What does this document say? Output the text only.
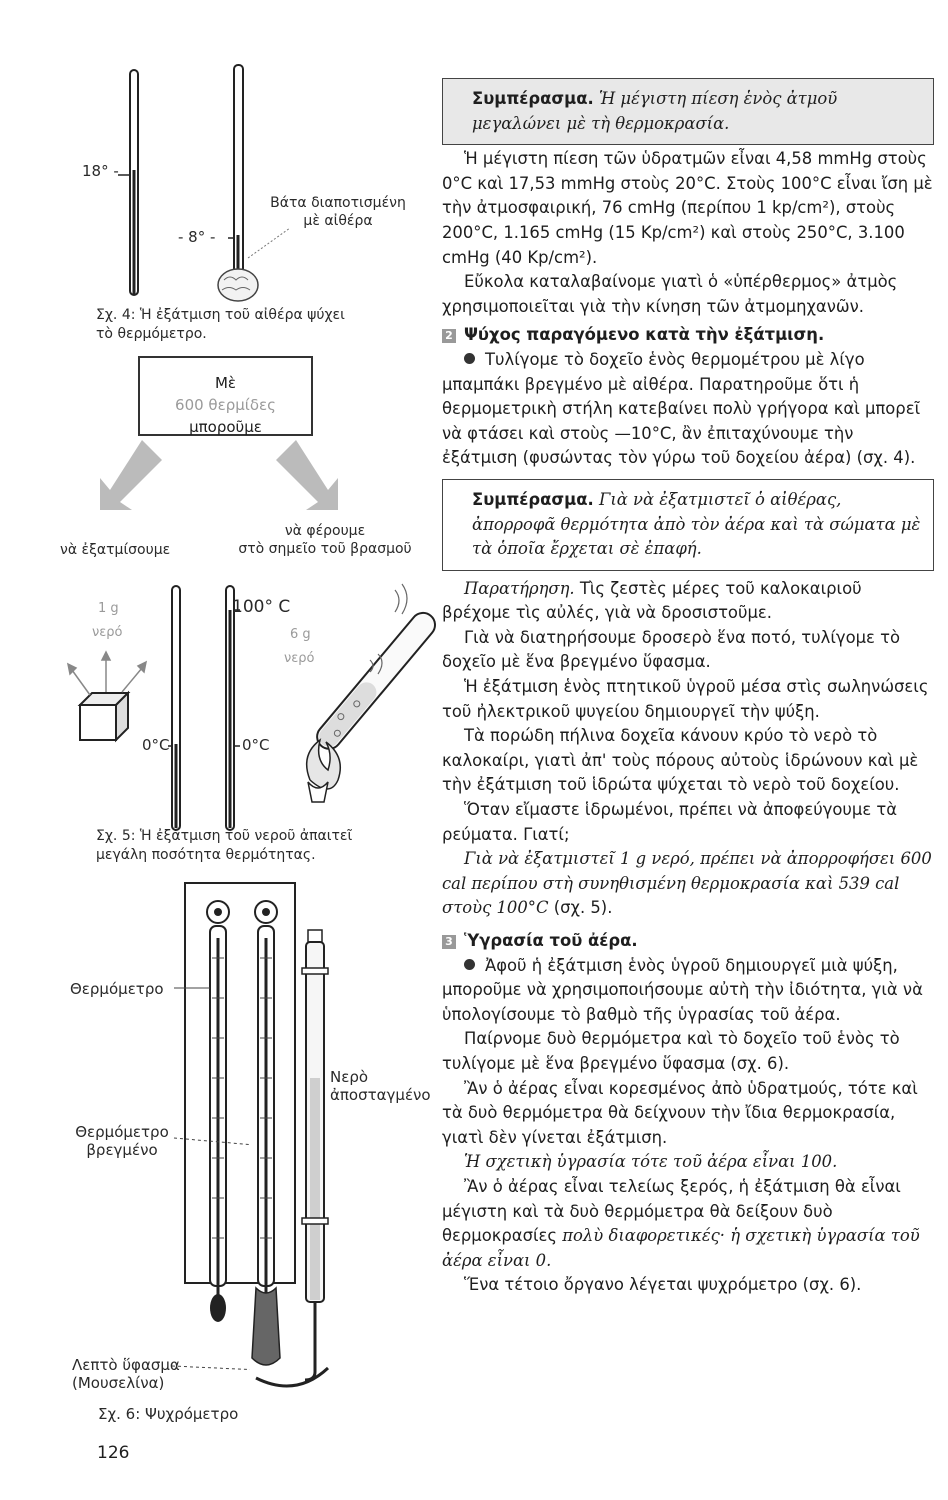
18° -
- 8° -
Βάτα διαποτισμένη
μὲ αἰθέρα
Σχ. 4: Ἡ ἐξάτμιση τοῦ αἰθέρα ψύχει
τὸ θερμόμετρο.
Μὲ
600 θερμίδες
μποροῦμε
νὰ ἐξατμίσουμε
νὰ φέρουμε
στὸ σημεῖο τοῦ βρασμοῦ
1 g
νερό
100° C
6 g
νερό
0°C	0°C
Σχ. 5: Ἡ ἐξάτμιση τοῦ νεροῦ ἀπαιτεῖ
μεγάλη ποσότητα θερμότητας.
Θερμόμετρο
Νερὸ
ἀποσταγμένο
Θερμόμετρο
βρεγμένο
Λεπτὸ ὕφασμα
(Μουσελίνα)
Σχ. 6: Ψυχρόμετρο
126
Συμπέρασμα. Ἡ μέγιστη πίεση ἑνὸς ἀτμοῦ μεγαλώνει μὲ τὴ θερμοκρασία.

Ἡ μέγιστη πίεση τῶν ὑδρατμῶν εἶναι 4,58 mmHg στοὺς 0°C καὶ 17,53 mmHg στοὺς 20°C. Στοὺς 100°C εἶναι ἴση μὲ τὴν ἀτμοσφαιρική, 76 cmHg (περίπου 1 kp/cm²), στοὺς 200°C, 1.165 cmHg (15 Kp/cm²) καὶ στοὺς 250°C, 3.100 cmHg (40 Kp/cm²).

Εὔκολα καταλαβαίνομε γιατὶ ὁ «ὑπέρθερμος» ἀτμὸς χρησιμοποιεῖται γιὰ τὴν κίνηση τῶν ἀτμομηχανῶν.

2 Ψύχος παραγόμενο κατὰ τὴν ἐξάτμιση.

Τυλίγομε τὸ δοχεῖο ἑνὸς θερμομέτρου μὲ λίγο μπαμπάκι βρεγμένο μὲ αἰθέρα. Παρατηροῦμε ὅτι ἡ θερμομετρικὴ στήλη κατεβαίνει πολὺ γρήγορα καὶ μπορεῖ νὰ φτάσει καὶ στοὺς —10°C, ἂν ἐπιταχύνουμε τὴν ἐξάτμιση (φυσώντας τὸν γύρω τοῦ δοχείου ἀέρα) (σχ. 4).

Συμπέρασμα. Γιὰ νὰ ἐξατμιστεῖ ὁ αἰθέρας, ἀπορροφᾶ θερμότητα ἀπὸ τὸν ἀέρα καὶ τὰ σώματα μὲ τὰ ὁποῖα ἔρχεται σὲ ἐπαφή.

Παρατήρηση. Τὶς ζεστὲς μέρες τοῦ καλοκαιριοῦ βρέχομε τὶς αὐλές, γιὰ νὰ δροσιστοῦμε.

Γιὰ νὰ διατηρήσουμε δροσερὸ ἕνα ποτό, τυλίγομε τὸ δοχεῖο μὲ ἕνα βρεγμένο ὕφασμα.

Ἡ ἐξάτμιση ἑνὸς πτητικοῦ ὑγροῦ μέσα στὶς σωληνώσεις τοῦ ἠλεκτρικοῦ ψυγείου δημιουργεῖ τὴν ψύξη.

Τὰ πορώδη πήλινα δοχεῖα κάνουν κρύο τὸ νερὸ τὸ καλοκαίρι, γιατὶ ἀπ' τοὺς πόρους αὐτοὺς ἱδρώνουν καὶ μὲ τὴν ἐξάτμιση τοῦ ἱδρώτα ψύχεται τὸ νερὸ τοῦ δοχείου.

Ὅταν εἴμαστε ἱδρωμένοι, πρέπει νὰ ἀποφεύγουμε τὰ ρεύματα. Γιατί;

Γιὰ νὰ ἐξατμιστεῖ 1 g νερό, πρέπει νὰ ἀπορροφήσει 600 cal περίπου στὴ συνηθισμένη θερμοκρασία καὶ 539 cal στοὺς 100°C (σχ. 5).

3 Ὑγρασία τοῦ ἀέρα.

Ἀφοῦ ἡ ἐξάτμιση ἑνὸς ὑγροῦ δημιουργεῖ μιὰ ψύξη, μποροῦμε νὰ χρησιμοποιήσουμε αὐτὴ τὴν ἰδιότητα, γιὰ νὰ ὑπολογίσουμε τὸ βαθμὸ τῆς ὑγρασίας τοῦ ἀέρα.

Παίρνομε δυὸ θερμόμετρα καὶ τὸ δοχεῖο τοῦ ἑνὸς τὸ τυλίγομε μὲ ἕνα βρεγμένο ὕφασμα (σχ. 6).

Ἂν ὁ ἀέρας εἶναι κορεσμένος ἀπὸ ὑδρατμούς, τότε καὶ τὰ δυὸ θερμόμετρα θὰ δείχνουν τὴν ἴδια θερμοκρασία, γιατὶ δὲν γίνεται ἐξάτμιση.

Ἡ σχετικὴ ὑγρασία τότε τοῦ ἀέρα εἶναι 100.

Ἂν ὁ ἀέρας εἶναι τελείως ξερός, ἡ ἐξάτμιση θὰ εἶναι μέγιστη καὶ τὰ δυὸ θερμόμετρα θὰ δείξουν δυὸ θερμοκρασίες πολὺ διαφορετικές· ἡ σχετικὴ ὑγρασία τοῦ ἀέρα εἶναι 0.

Ἕνα τέτοιο ὄργανο λέγεται ψυχρόμετρο (σχ. 6).
